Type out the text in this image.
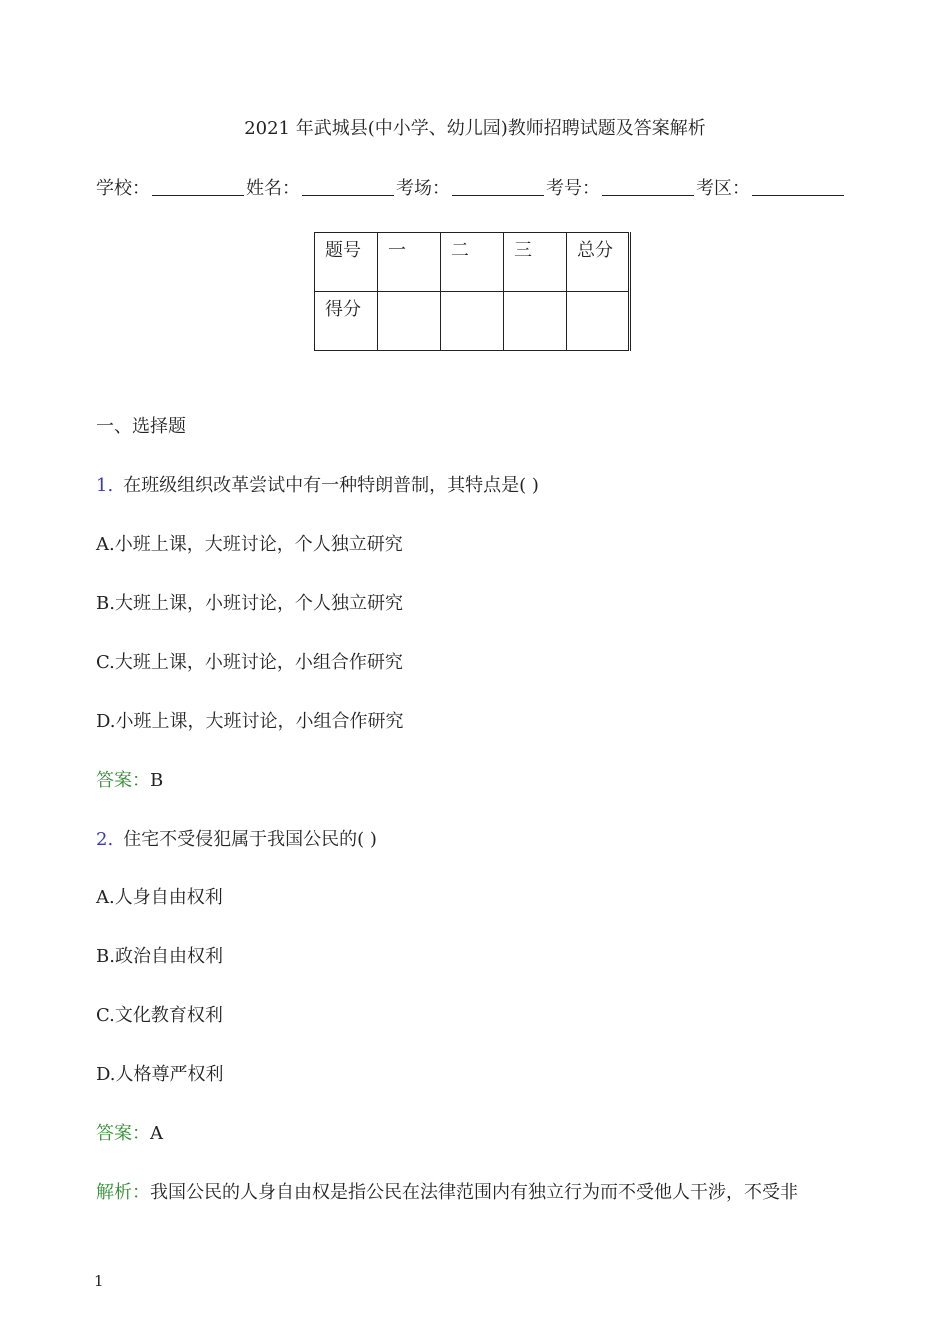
2021 年武城县(中小学、幼儿园)教师招聘试题及答案解析
学校：	姓名：	考场：	考号：	考区：
题号	一	二	三	总分
得分				
一、选择题
1. 在班级组织改革尝试中有一种特朗普制，其特点是( )
A.小班上课，大班讨论，个人独立研究
B.大班上课，小班讨论，个人独立研究
C.大班上课，小班讨论，小组合作研究
D.小班上课，大班讨论，小组合作研究
答案：B
2. 住宅不受侵犯属于我国公民的( )
A.人身自由权利
B.政治自由权利
C.文化教育权利
D.人格尊严权利
答案：A
解析：我国公民的人身自由权是指公民在法律范围内有独立行为而不受他人干涉，不受非
1
